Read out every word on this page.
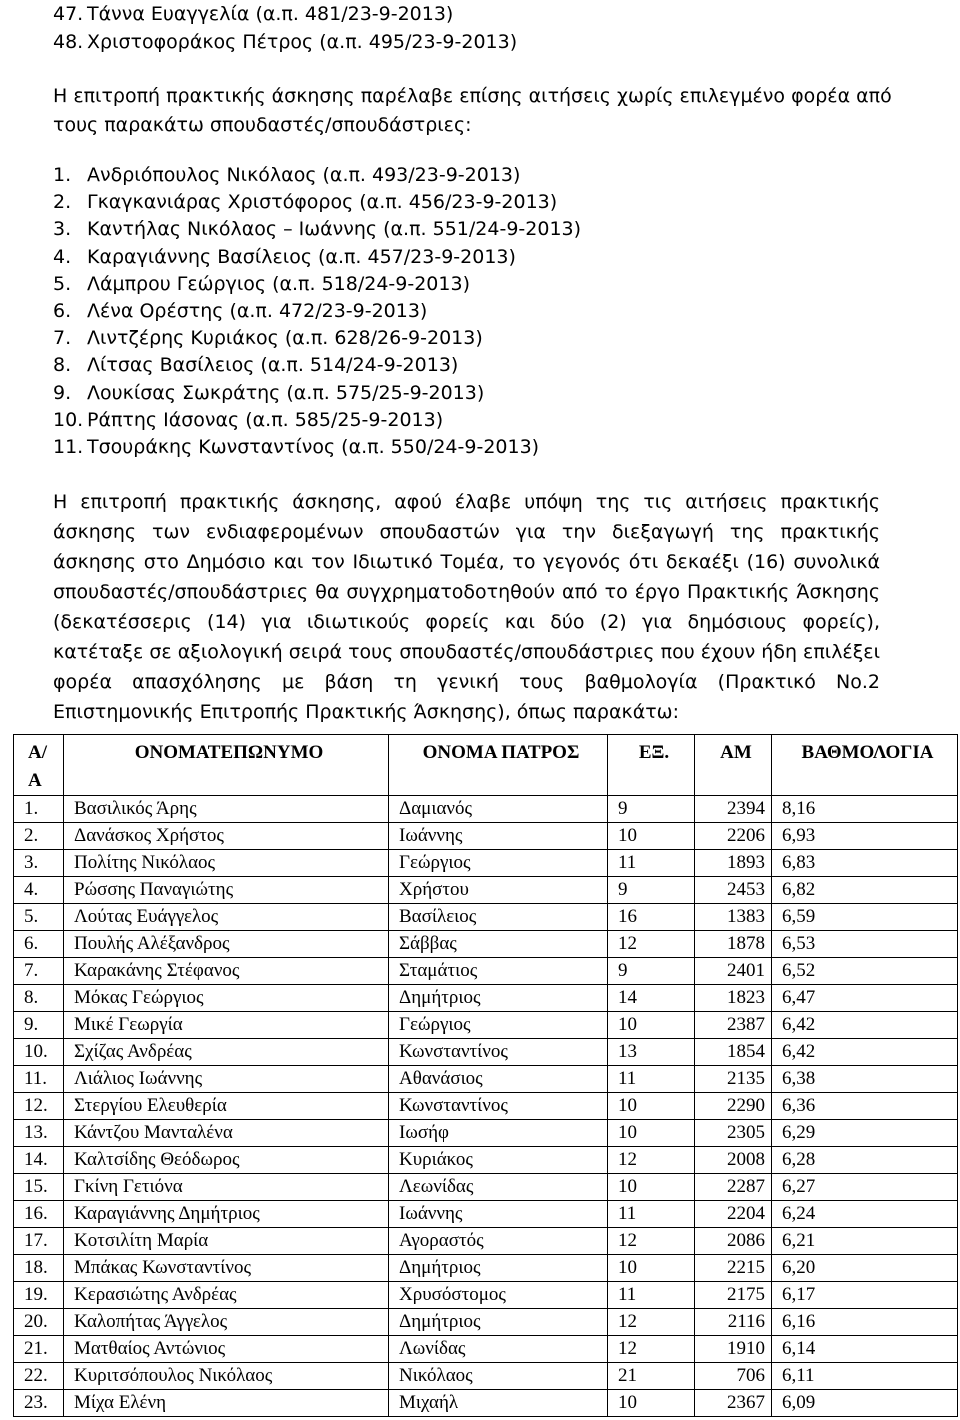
47. Τάννα Ευαγγελία (α.π. 481/23-9-2013)
48. Χριστοφοράκος Πέτρος (α.π. 495/23-9-2013)

Η επιτροπή πρακτικής άσκησης παρέλαβε επίσης αιτήσεις χωρίς επιλεγμένο φορέα από τους παρακάτω σπουδαστές/σπουδάστριες:

1. Ανδριόπουλος Νικόλαος (α.π. 493/23-9-2013)
2. Γκαγκανιάρας Χριστόφορος (α.π. 456/23-9-2013)
3. Καντήλας Νικόλαος – Ιωάννης (α.π. 551/24-9-2013)
4. Καραγιάννης Βασίλειος (α.π. 457/23-9-2013)
5. Λάμπρου Γεώργιος (α.π. 518/24-9-2013)
6. Λένα Ορέστης (α.π. 472/23-9-2013)
7. Λιντζέρης Κυριάκος (α.π. 628/26-9-2013)
8. Λίτσας Βασίλειος (α.π. 514/24-9-2013)
9. Λουκίσας Σωκράτης (α.π. 575/25-9-2013)
10. Ράπτης Ιάσονας (α.π. 585/25-9-2013)
11. Τσουράκης Κωνσταντίνος (α.π. 550/24-9-2013)

Η επιτροπή πρακτικής άσκησης, αφού έλαβε υπόψη της τις αιτήσεις πρακτικής άσκησης των ενδιαφερομένων σπουδαστών για την διεξαγωγή της πρακτικής άσκησης στο Δημόσιο και τον Ιδιωτικό Τομέα, το γεγονός ότι δεκαέξι (16) συνολικά σπουδαστές/σπουδάστριες θα συγχρηματοδοτηθούν από το έργο Πρακτικής Άσκησης (δεκατέσσερις (14) για ιδιωτικούς φορείς και δύο (2) για δημόσιους φορείς), κατέταξε σε αξιολογική σειρά τους σπουδαστές/σπουδάστριες που έχουν ήδη επιλέξει φορέα απασχόλησης με βάση τη γενική τους βαθμολογία (Πρακτικό Νο.2 Επιστημονικής Επιτροπής Πρακτικής Άσκησης), όπως παρακάτω:

Α/ Α	ΟΝΟΜΑΤΕΠΩΝΥΜΟ	ΟΝΟΜΑ ΠΑΤΡΟΣ	ΕΞ.	ΑΜ	ΒΑΘΜΟΛΟΓΙΑ
1.	Βασιλικός Άρης	Δαμιανός	9	2394	8,16
2.	Δανάσκος Χρήστος	Ιωάννης	10	2206	6,93
3.	Πολίτης Νικόλαος	Γεώργιος	11	1893	6,83
4.	Ρώσσης Παναγιώτης	Χρήστου	9	2453	6,82
5.	Λούτας Ευάγγελος	Βασίλειος	16	1383	6,59
6.	Πουλής Αλέξανδρος	Σάββας	12	1878	6,53
7.	Καρακάνης Στέφανος	Σταμάτιος	9	2401	6,52
8.	Μόκας Γεώργιος	Δημήτριος	14	1823	6,47
9.	Μικέ Γεωργία	Γεώργιος	10	2387	6,42
10.	Σχίζας Ανδρέας	Κωνσταντίνος	13	1854	6,42
11.	Λιάλιος Ιωάννης	Αθανάσιος	11	2135	6,38
12.	Στεργίου Ελευθερία	Κωνσταντίνος	10	2290	6,36
13.	Κάντζου Μανταλένα	Ιωσήφ	10	2305	6,29
14.	Καλτσίδης Θεόδωρος	Κυριάκος	12	2008	6,28
15.	Γκίνη Γετιόνα	Λεωνίδας	10	2287	6,27
16.	Καραγιάννης Δημήτριος	Ιωάννης	11	2204	6,24
17.	Κοτσιλίτη Μαρία	Αγοραστός	12	2086	6,21
18.	Μπάκας Κωνσταντίνος	Δημήτριος	10	2215	6,20
19.	Κερασιώτης Ανδρέας	Χρυσόστομος	11	2175	6,17
20.	Καλοπήτας Άγγελος	Δημήτριος	12	2116	6,16
21.	Ματθαίος Αντώνιος	Λωνίδας	12	1910	6,14
22.	Κυριτσόπουλος Νικόλαος	Νικόλαος	21	706	6,11
23.	Μίχα Ελένη	Μιχαήλ	10	2367	6,09
